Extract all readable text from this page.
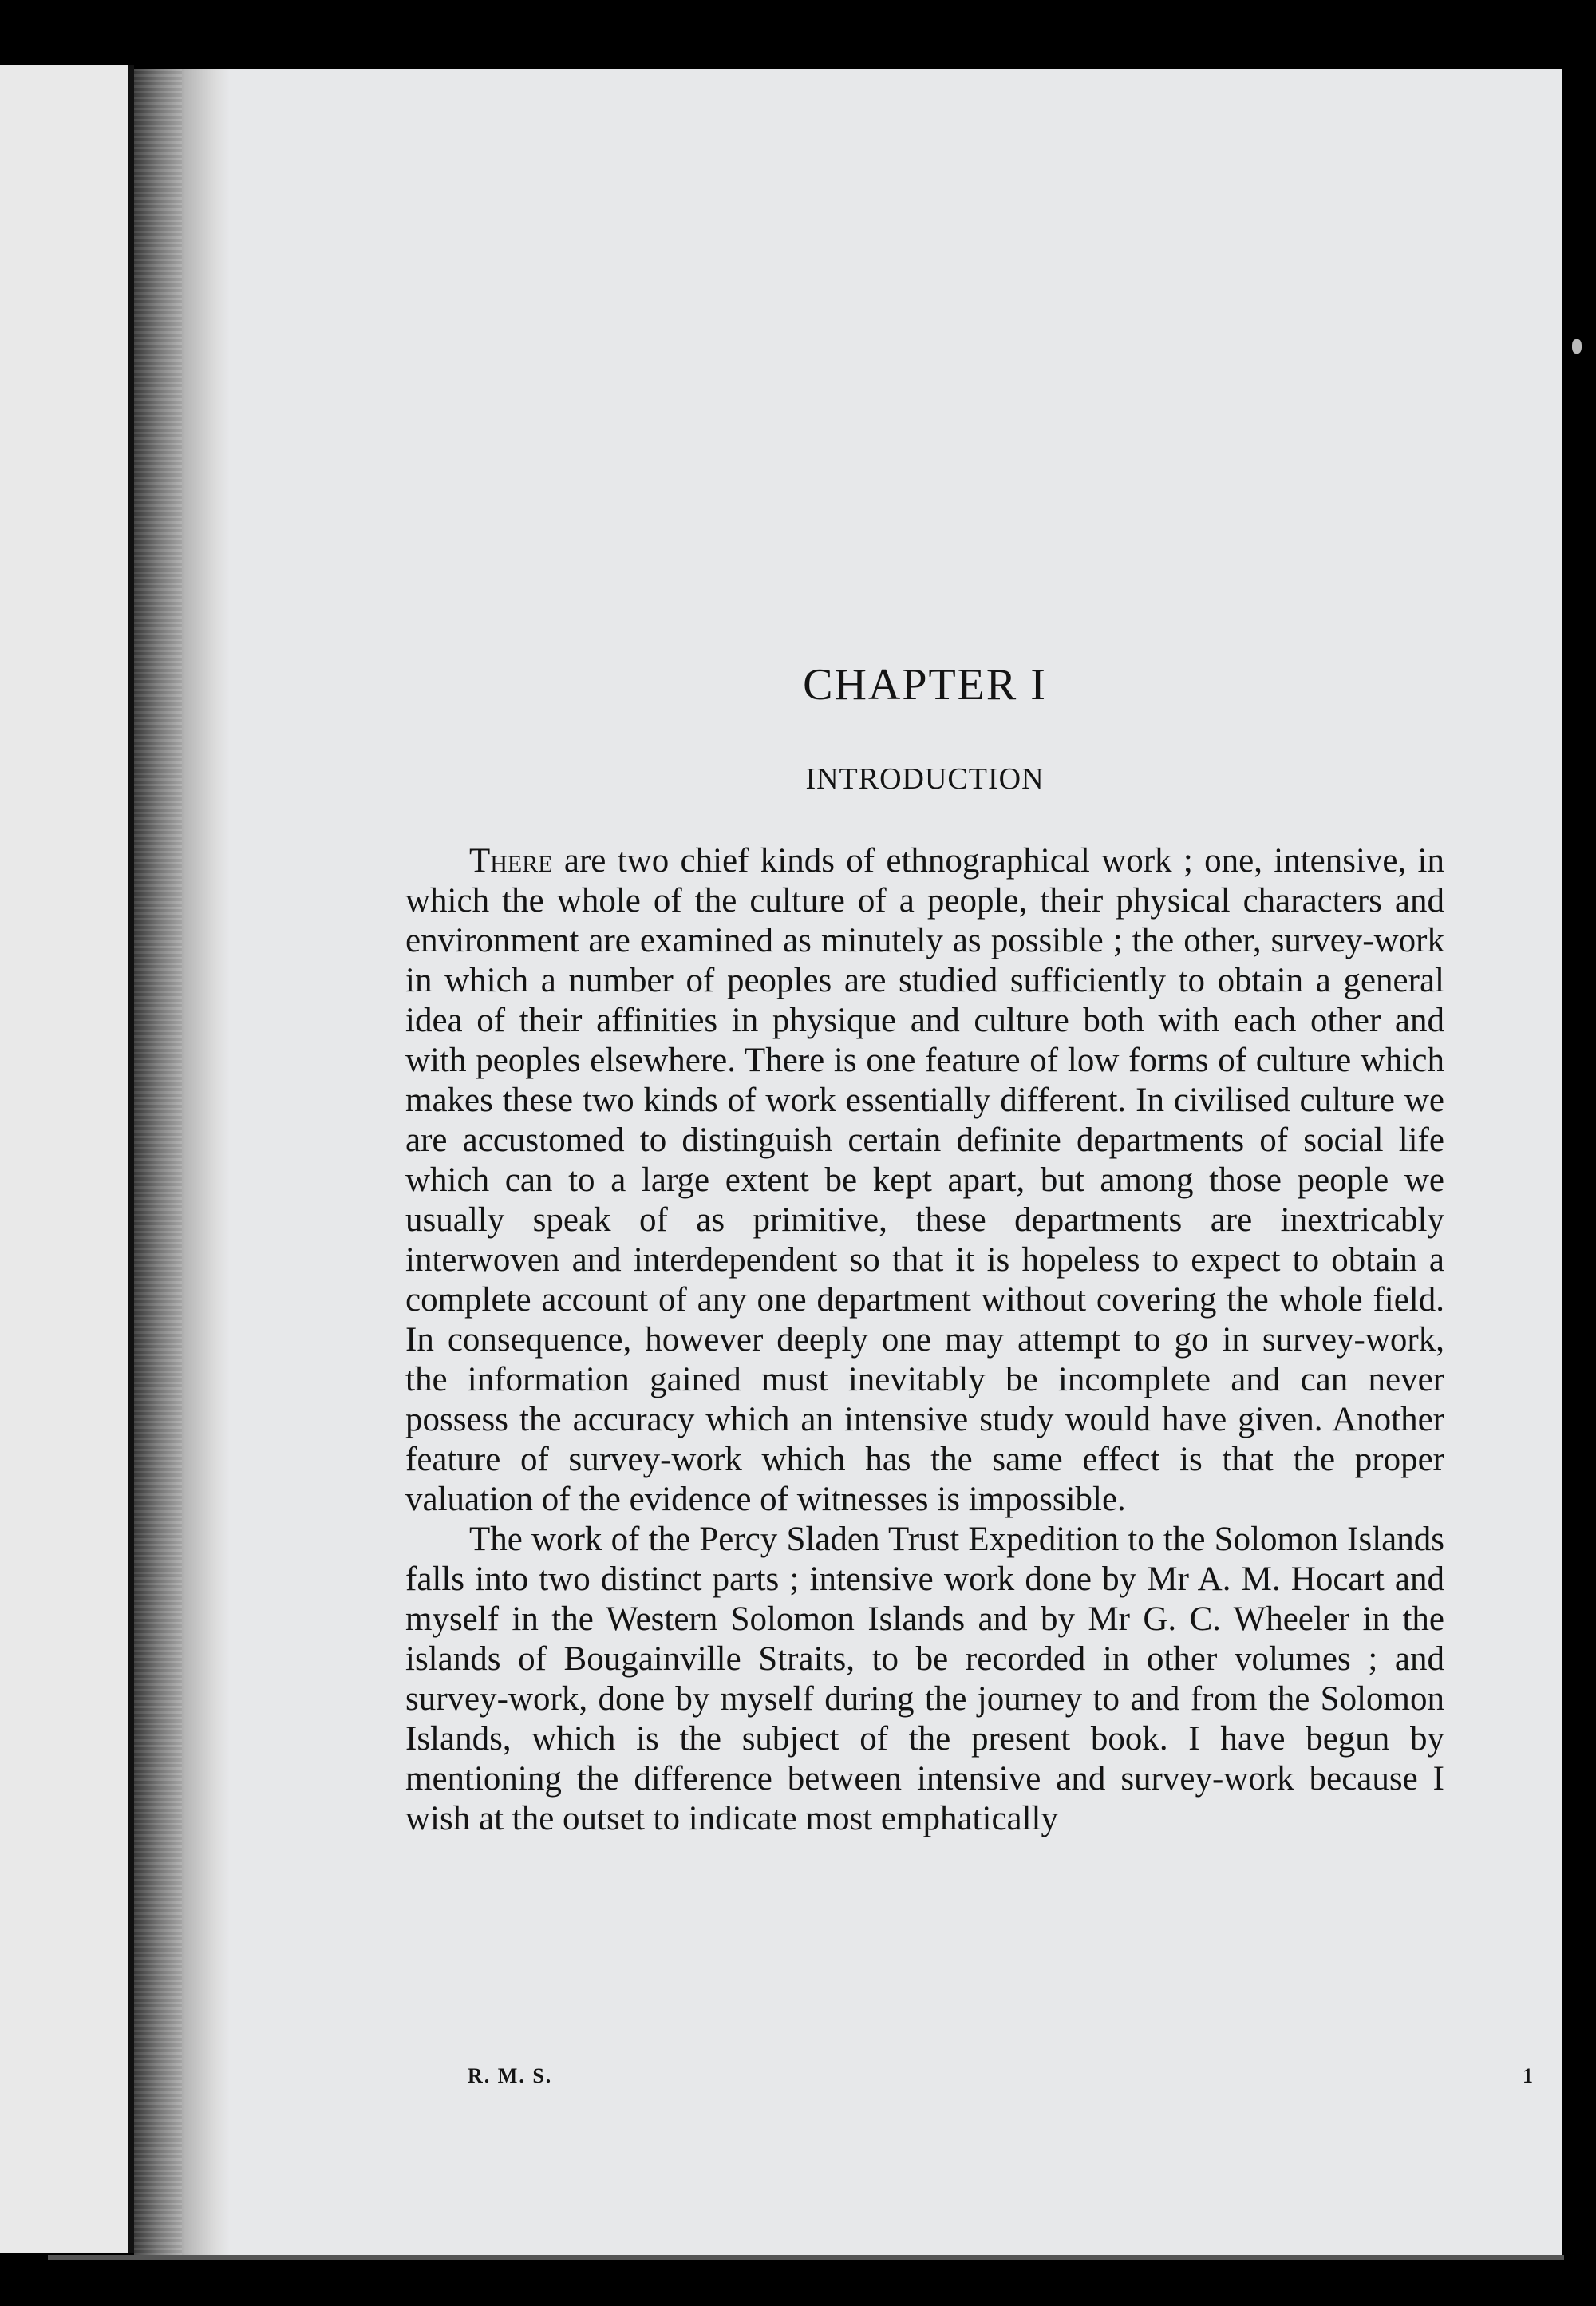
CHAPTER I
INTRODUCTION

There are two chief kinds of ethnographical work ; one, intensive, in which the whole of the culture of a people, their physical characters and environment are examined as minutely as possible ; the other, survey-work in which a number of peoples are studied sufficiently to obtain a general idea of their affinities in physique and culture both with each other and with peoples elsewhere. There is one feature of low forms of culture which makes these two kinds of work essentially different. In civilised culture we are accustomed to distinguish certain definite departments of social life which can to a large extent be kept apart, but among those people we usually speak of as primitive, these departments are inextricably interwoven and interdependent so that it is hopeless to expect to obtain a complete account of any one department without covering the whole field. In consequence, however deeply one may attempt to go in survey-work, the information gained must inevitably be incomplete and can never possess the accuracy which an intensive study would have given. Another feature of survey-work which has the same effect is that the proper valuation of the evidence of witnesses is impossible.

The work of the Percy Sladen Trust Expedition to the Solomon Islands falls into two distinct parts ; intensive work done by Mr A. M. Hocart and myself in the Western Solomon Islands and by Mr G. C. Wheeler in the islands of Bougainville Straits, to be recorded in other volumes ; and survey-work, done by myself during the journey to and from the Solomon Islands, which is the subject of the present book. I have begun by mentioning the difference between intensive and survey-work because I wish at the outset to indicate most emphatically

R. M. S.	1
